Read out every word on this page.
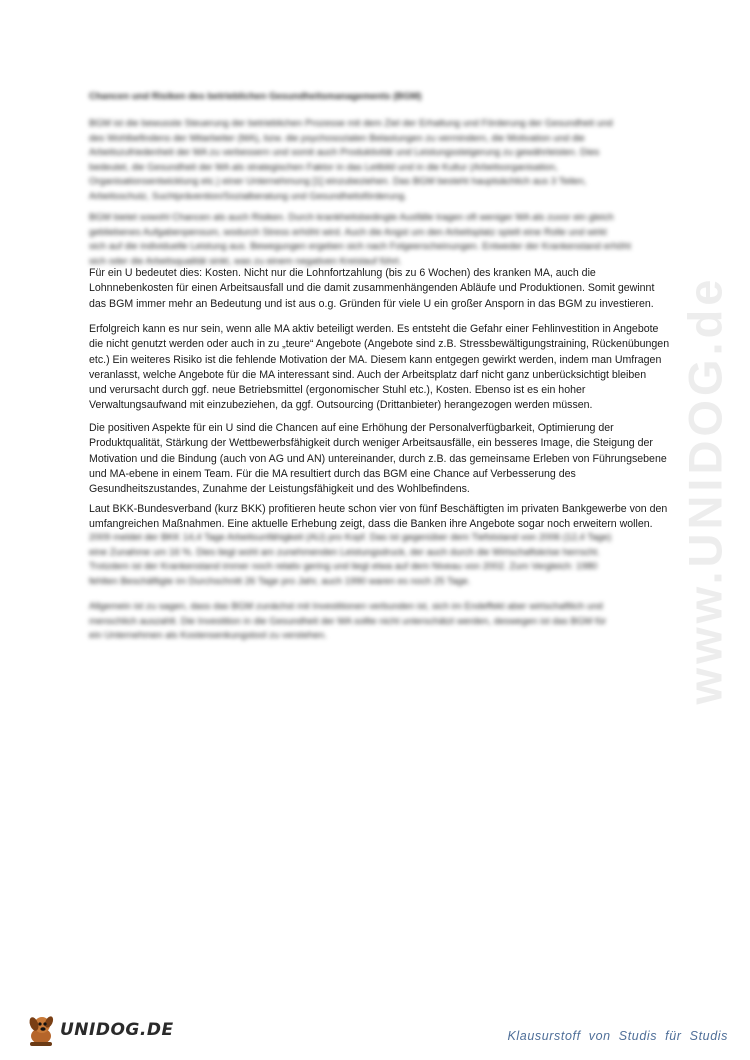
www.UNIDOG.de
Chancen und Risiken des betrieblichen Gesundheitsmanagements (BGM)
BGM ist die bewusste Steuerung der betrieblichen Prozesse mit dem Ziel der Erhaltung und Förderung der Gesundheit und
des Wohlbefindens der Mitarbeiter (MA), bzw. die psychosozialen Belastungen zu vermindern, die Motivation und die
Arbeitszufriedenheit der MA zu verbessern und somit auch Produktivität und Leistungssteigerung zu gewährleisten. Dies
bedeutet, die Gesundheit der MA als strategischen Faktor in das Leitbild und in die Kultur (Arbeitsorganisation,
Organisationsentwicklung etc.) einer Unternehmung [1] einzubeziehen. Das BGM besteht hauptsächlich aus 3 Teilen,
Arbeitsschutz, Suchtprävention/Sozialberatung und Gesundheitsförderung.
BGM bietet sowohl Chancen als auch Risiken. Durch krankheitsbedingte Ausfälle tragen oft weniger MA als zuvor ein gleich
gebliebenes Aufgabenpensum, wodurch Stress erhöht wird. Auch die Angst um den Arbeitsplatz spielt eine Rolle und wirkt
sich auf die individuelle Leistung aus. Bewegungen ergeben sich nach Folgeerscheinungen. Entweder der Krankenstand erhöht
sich oder die Arbeitsqualität sinkt, was zu einem negativen Kreislauf führt.
Für ein U bedeutet dies: Kosten. Nicht nur die Lohnfortzahlung (bis zu 6 Wochen) des kranken MA, auch die
Lohnnebenkosten für einen Arbeitsausfall und die damit zusammenhängenden Abläufe und Produktionen. Somit gewinnt
das BGM immer mehr an Bedeutung und ist aus o.g. Gründen für viele U ein großer Ansporn in das BGM zu investieren.
Erfolgreich kann es nur sein, wenn alle MA aktiv beteiligt werden. Es entsteht die Gefahr einer Fehlinvestition in Angebote
die nicht genutzt werden oder auch in zu „teure“ Angebote (Angebote sind z.B. Stressbewältigungstraining, Rückenübungen
etc.) Ein weiteres Risiko ist die fehlende Motivation der MA. Diesem kann entgegen gewirkt werden, indem man Umfragen
veranlasst, welche Angebote für die MA interessant sind. Auch der Arbeitsplatz darf nicht ganz unberücksichtigt bleiben
und verursacht durch ggf. neue Betriebsmittel (ergonomischer Stuhl etc.), Kosten. Ebenso ist es ein hoher
Verwaltungsaufwand mit einzubeziehen, da ggf. Outsourcing (Drittanbieter) herangezogen werden müssen.
Die positiven Aspekte für ein U sind die Chancen auf eine Erhöhung der Personalverfügbarkeit, Optimierung der
Produktqualität, Stärkung der Wettbewerbsfähigkeit durch weniger Arbeitsausfälle, ein besseres Image, die Steigung der
Motivation und die Bindung (auch von AG und AN) untereinander, durch z.B. das gemeinsame Erleben von Führungsebene
und MA-ebene in einem Team. Für die MA resultiert durch das BGM eine Chance auf Verbesserung des
Gesundheitszustandes, Zunahme der Leistungsfähigkeit und des Wohlbefindens.
Laut BKK-Bundesverband (kurz BKK) profitieren heute schon vier von fünf Beschäftigten im privaten Bankgewerbe von den
umfangreichen Maßnahmen. Eine aktuelle Erhebung zeigt, dass die Banken ihre Angebote sogar noch erweitern wollen.
2009 meldet der BKK 14,4 Tage Arbeitsunfähigkeit (AU) pro Kopf. Das ist gegenüber dem Tiefststand von 2006 (12,4 Tage)
eine Zunahme um 16 %. Dies liegt wohl am zunehmenden Leistungsdruck, der auch durch die Wirtschaftskrise herrscht.
Trotzdem ist der Krankenstand immer noch relativ gering und liegt etwa auf dem Niveau von 2002. Zum Vergleich: 1980
fehlten Beschäftigte im Durchschnitt 26 Tage pro Jahr, auch 1990 waren es noch 25 Tage.
Allgemein ist zu sagen, dass das BGM zunächst mit Investitionen verbunden ist, sich im Endeffekt aber wirtschaftlich und
menschlich auszahlt. Die Investition in die Gesundheit der MA sollte nicht unterschätzt werden, deswegen ist das BGM für
ein Unternehmen als Kostensenkungstool zu verstehen.
UNIDOG.DE	Klausurstoff von Studis für Studis
